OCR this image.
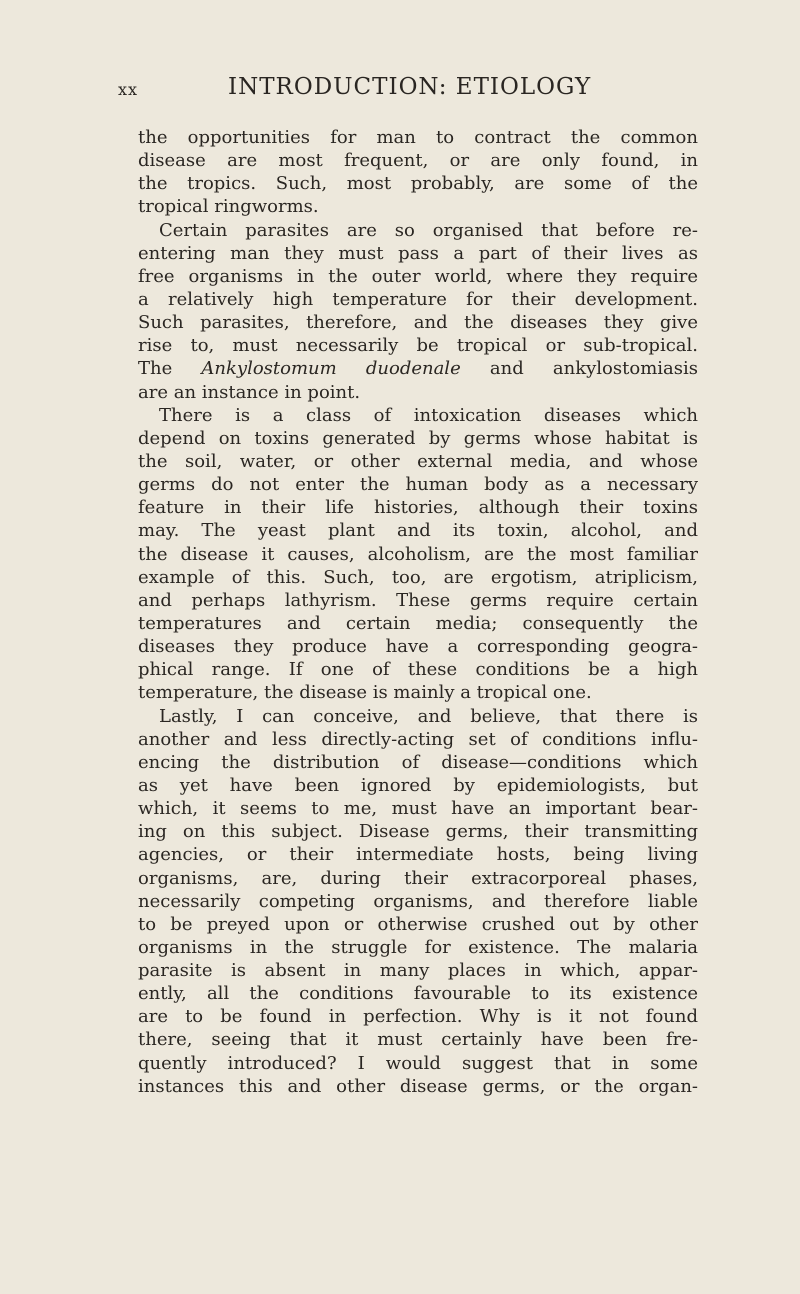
xx	INTRODUCTION: ETIOLOGY
the opportunities for man to contract the common
disease are most frequent, or are only found, in
the tropics. Such, most probably, are some of the
tropical ringworms.
Certain parasites are so organised that before re-
entering man they must pass a part of their lives as
free organisms in the outer world, where they require
a relatively high temperature for their development.
Such parasites, therefore, and the diseases they give
rise to, must necessarily be tropical or sub-tropical.
The Ankylostomum duodenale and ankylostomiasis
are an instance in point.
There is a class of intoxication diseases which
depend on toxins generated by germs whose habitat is
the soil, water, or other external media, and whose
germs do not enter the human body as a necessary
feature in their life histories, although their toxins
may. The yeast plant and its toxin, alcohol, and
the disease it causes, alcoholism, are the most familiar
example of this. Such, too, are ergotism, atriplicism,
and perhaps lathyrism. These germs require certain
temperatures and certain media; consequently the
diseases they produce have a corresponding geogra-
phical range. If one of these conditions be a high
temperature, the disease is mainly a tropical one.
Lastly, I can conceive, and believe, that there is
another and less directly-acting set of conditions influ-
encing the distribution of disease—conditions which
as yet have been ignored by epidemiologists, but
which, it seems to me, must have an important bear-
ing on this subject. Disease germs, their transmitting
agencies, or their intermediate hosts, being living
organisms, are, during their extracorporeal phases,
necessarily competing organisms, and therefore liable
to be preyed upon or otherwise crushed out by other
organisms in the struggle for existence. The malaria
parasite is absent in many places in which, appar-
ently, all the conditions favourable to its existence
are to be found in perfection. Why is it not found
there, seeing that it must certainly have been fre-
quently introduced? I would suggest that in some
instances this and other disease germs, or the organ-
